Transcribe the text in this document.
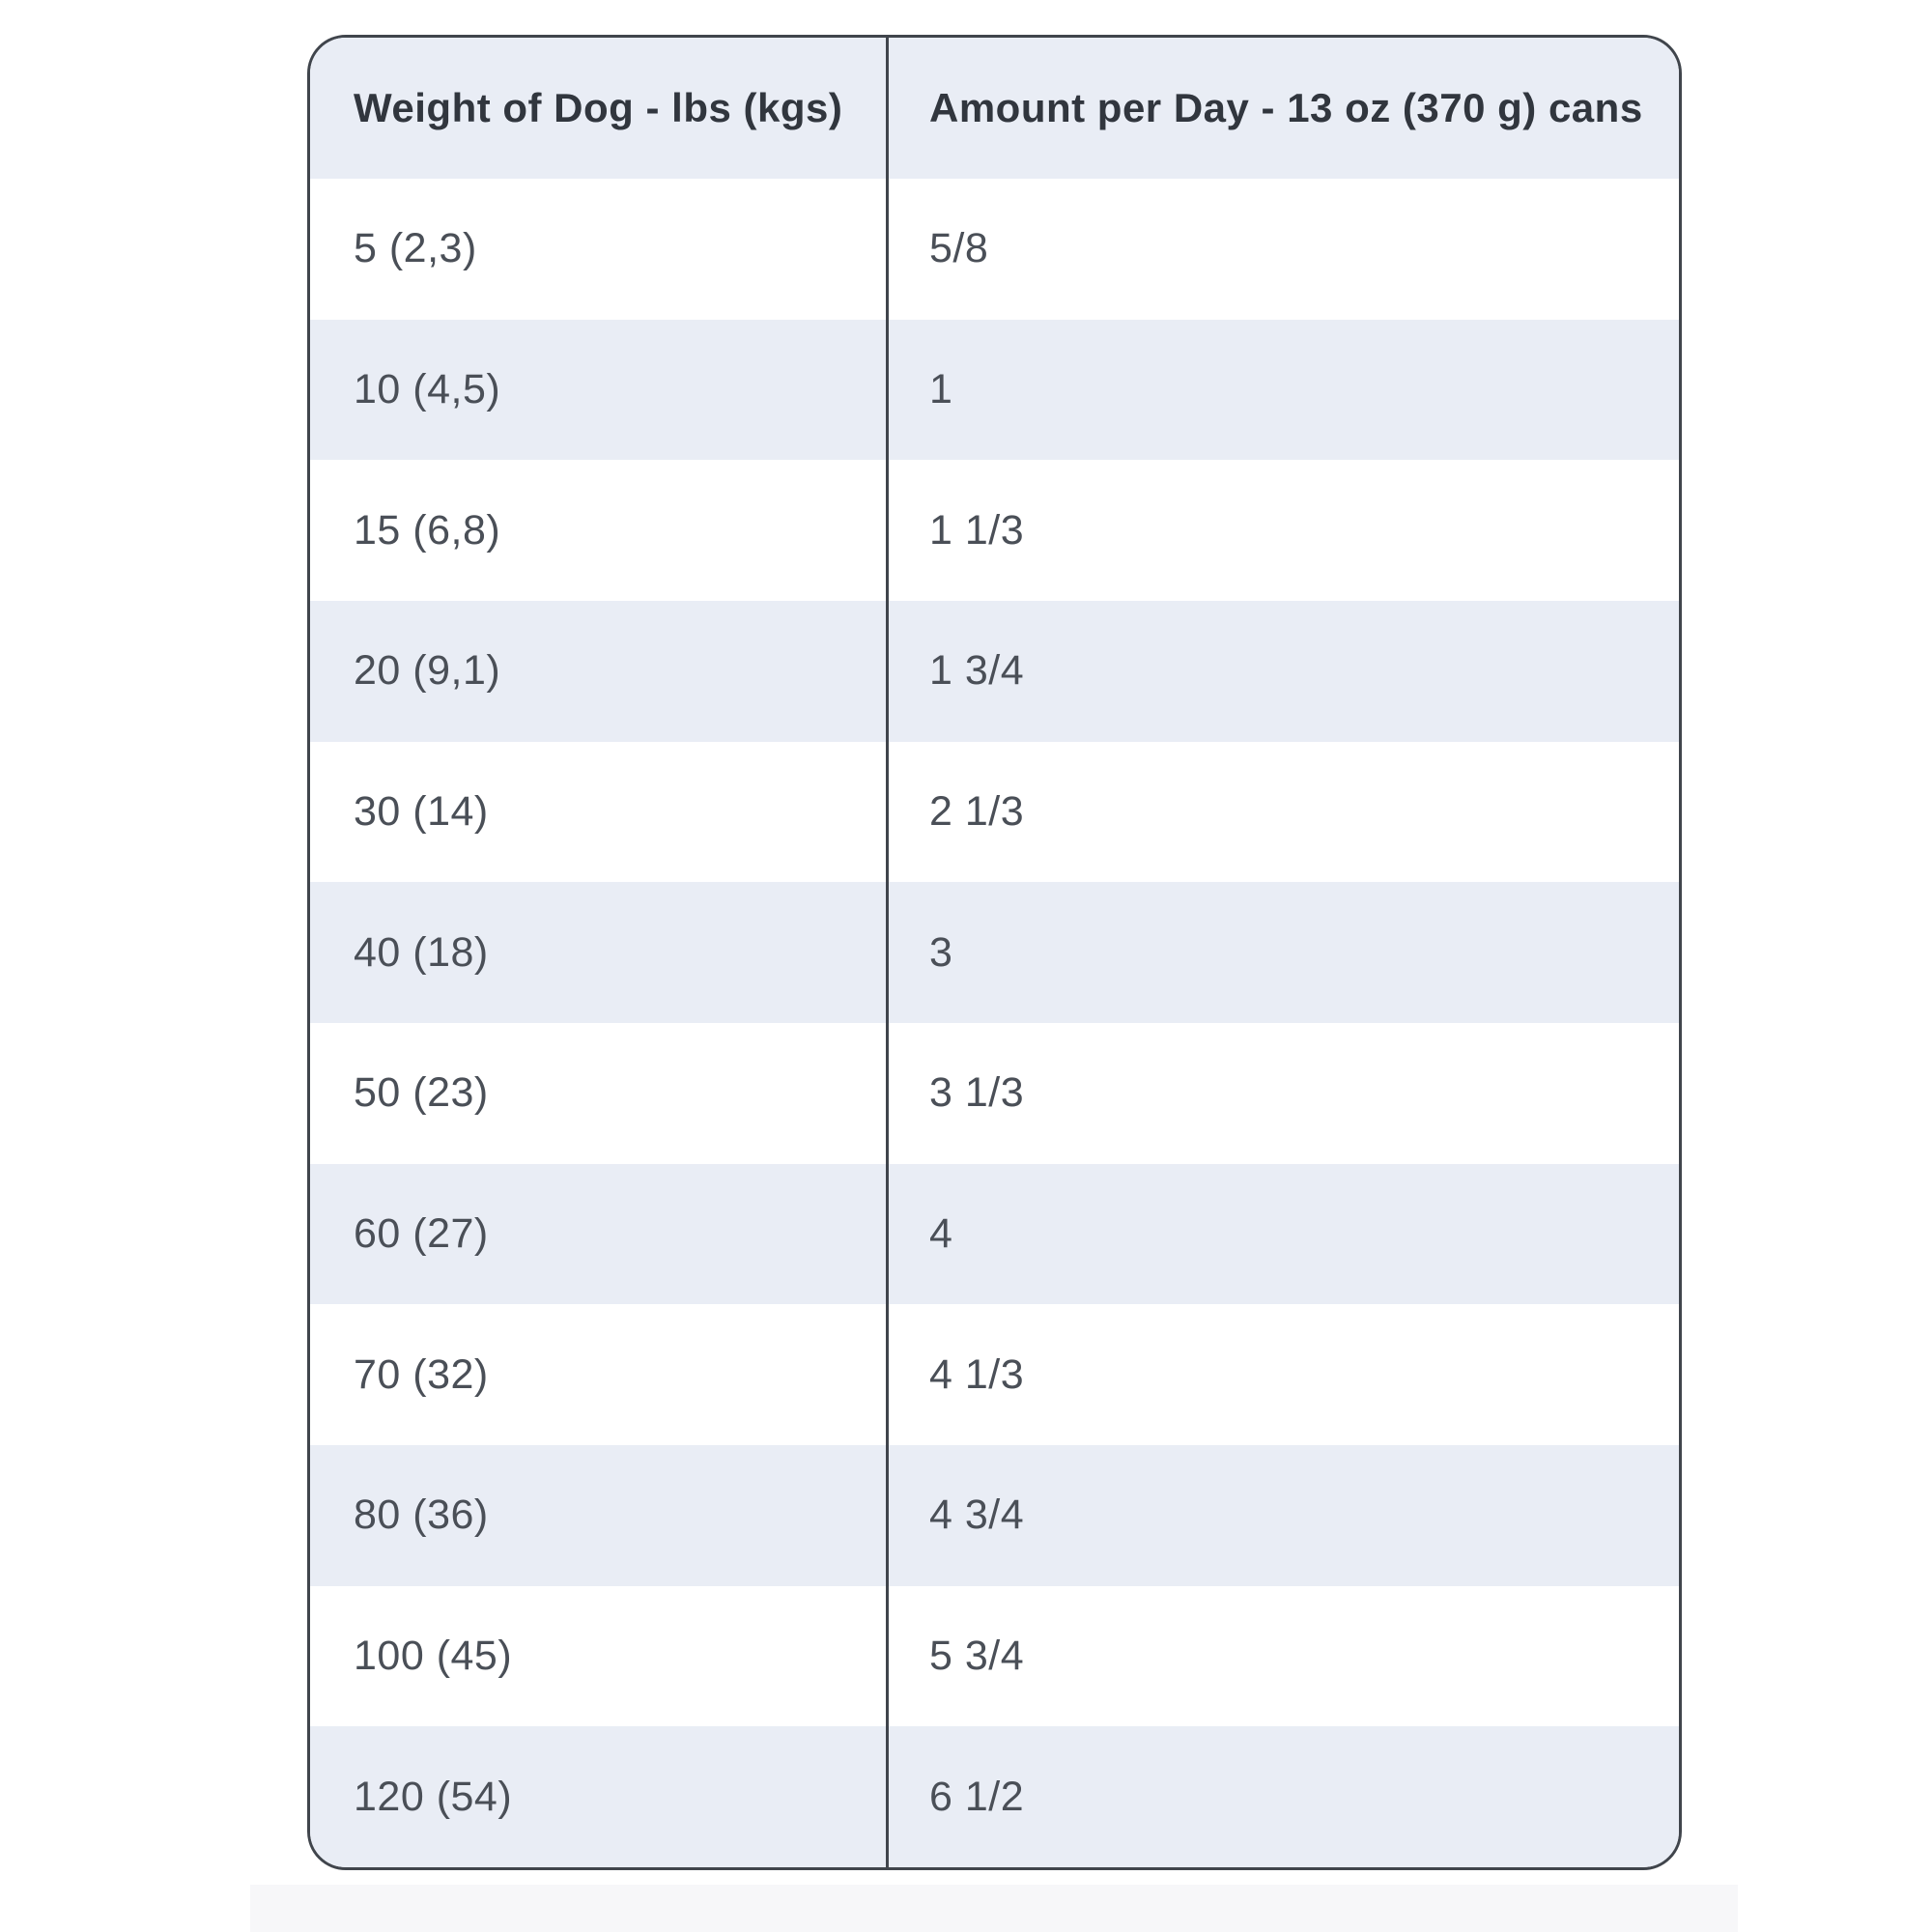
Weight of Dog - lbs (kgs)	Amount per Day - 13 oz (370 g) cans
5 (2,3)	5/8
10 (4,5)	1
15 (6,8)	1 1/3
20 (9,1)	1 3/4
30 (14)	2 1/3
40 (18)	3
50 (23)	3 1/3
60 (27)	4
70 (32)	4 1/3
80 (36)	4 3/4
100 (45)	5 3/4
120 (54)	6 1/2
